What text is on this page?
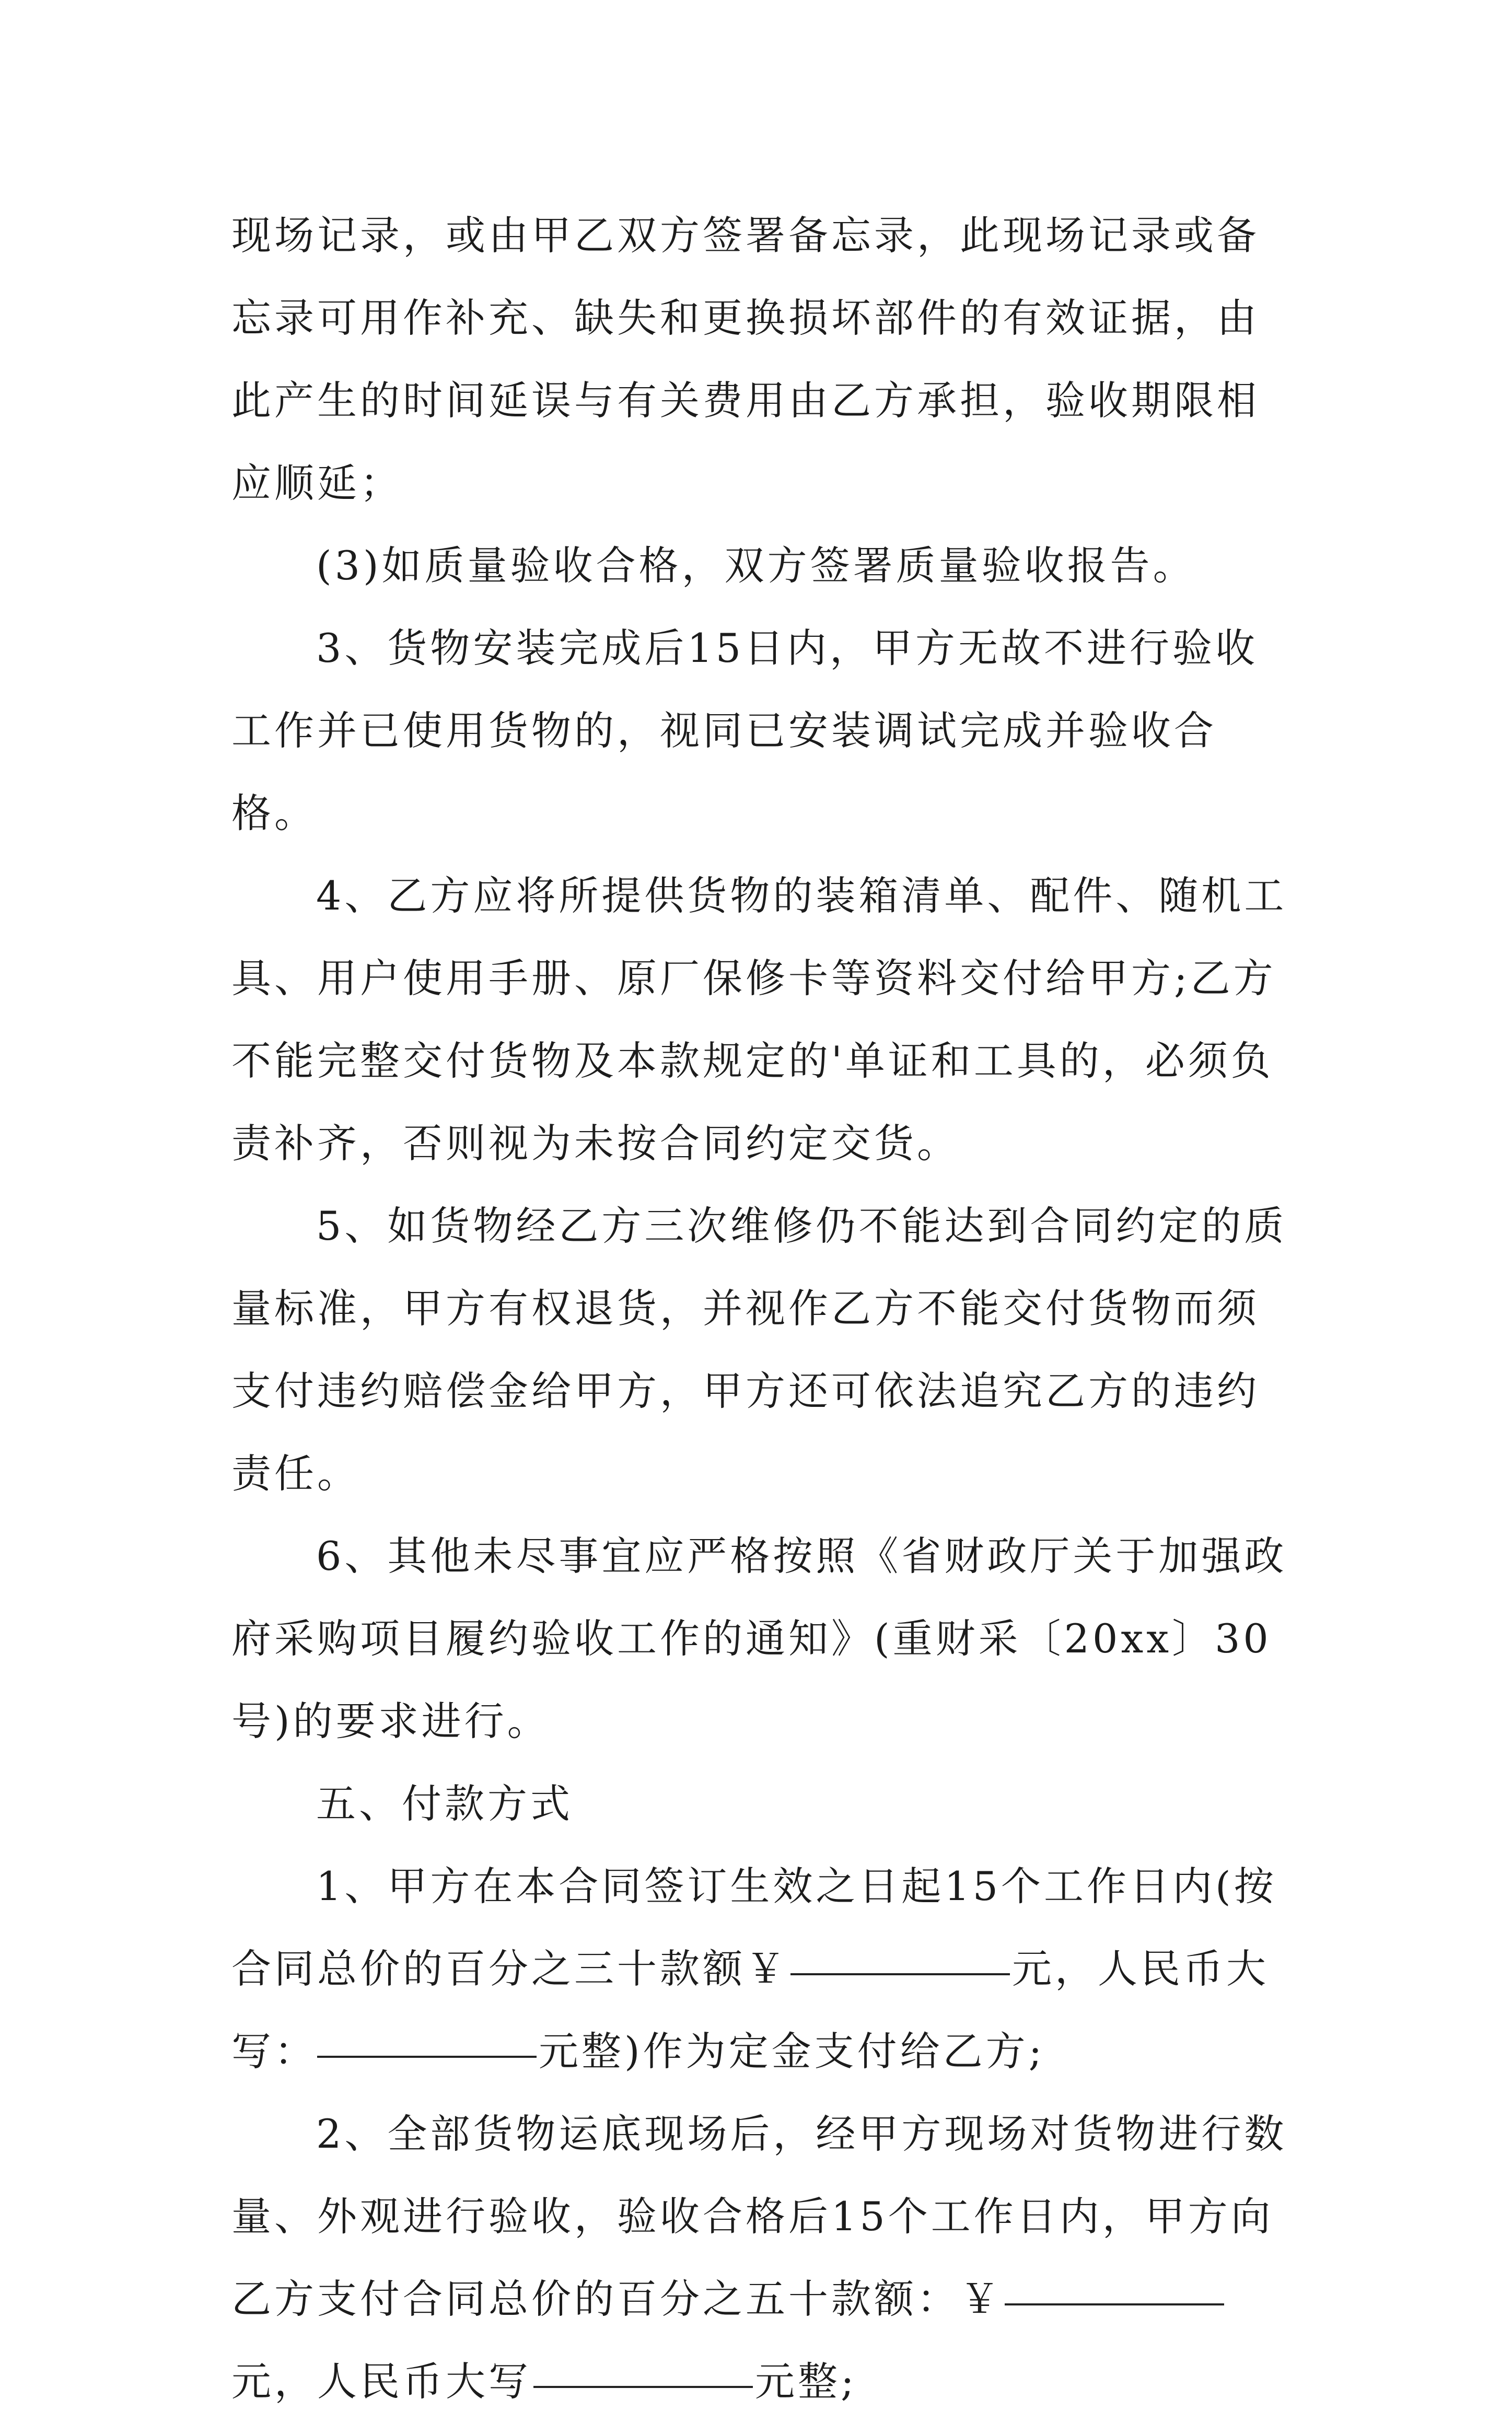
现场记录，或由甲乙双方签署备忘录，此现场记录或备忘录可用作补充、缺失和更换损坏部件的有效证据，由此产生的时间延误与有关费用由乙方承担，验收期限相应顺延；

(3)如质量验收合格，双方签署质量验收报告。

3、货物安装完成后15日内，甲方无故不进行验收工作并已使用货物的，视同已安装调试完成并验收合格。

4、乙方应将所提供货物的装箱清单、配件、随机工具、用户使用手册、原厂保修卡等资料交付给甲方;乙方不能完整交付货物及本款规定的'单证和工具的，必须负责补齐，否则视为未按合同约定交货。

5、如货物经乙方三次维修仍不能达到合同约定的质量标准，甲方有权退货，并视作乙方不能交付货物而须支付违约赔偿金给甲方，甲方还可依法追究乙方的违约责任。

6、其他未尽事宜应严格按照《省财政厅关于加强政府采购项目履约验收工作的通知》(重财采〔20xx〕30号)的要求进行。

五、付款方式

1、甲方在本合同签订生效之日起15个工作日内(按合同总价的百分之三十款额￥	元，人民币大写：	元整)作为定金支付给乙方;

2、全部货物运底现场后，经甲方现场对货物进行数量、外观进行验收，验收合格后15个工作日内，甲方向乙方支付合同总价的百分之五十款额：￥元，人民币大写	元整;
